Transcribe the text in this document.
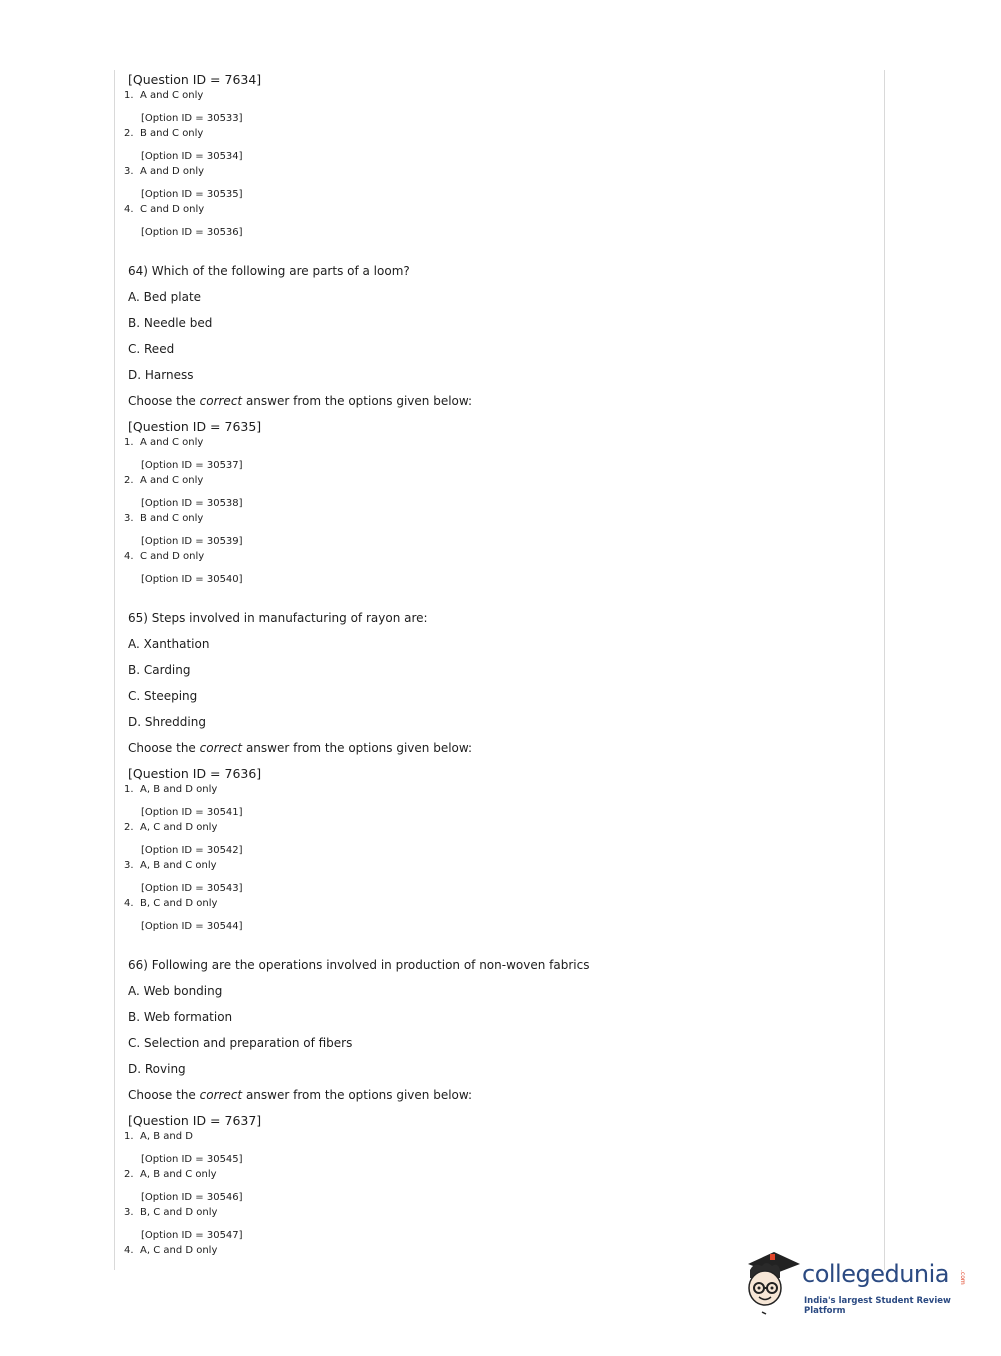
[Question ID = 7634]
1. A and C only
[Option ID = 30533]
2. B and C only
[Option ID = 30534]
3. A and D only
[Option ID = 30535]
4. C and D only
[Option ID = 30536]
64) Which of the following are parts of a loom?
A. Bed plate
B. Needle bed
C. Reed
D. Harness
Choose the correct answer from the options given below:
[Question ID = 7635]
1. A and C only
[Option ID = 30537]
2. A and C only
[Option ID = 30538]
3. B and C only
[Option ID = 30539]
4. C and D only
[Option ID = 30540]
65) Steps involved in manufacturing of rayon are:
A. Xanthation
B. Carding
C. Steeping
D. Shredding
Choose the correct answer from the options given below:
[Question ID = 7636]
1. A, B and D only
[Option ID = 30541]
2. A, C and D only
[Option ID = 30542]
3. A, B and C only
[Option ID = 30543]
4. B, C and D only
[Option ID = 30544]
66) Following are the operations involved in production of non-woven fabrics
A. Web bonding
B. Web formation
C. Selection and preparation of fibers
D. Roving
Choose the correct answer from the options given below:
[Question ID = 7637]
1. A, B and D
[Option ID = 30545]
2. A, B and C only
[Option ID = 30546]
3. B, C and D only
[Option ID = 30547]
4. A, C and D only
collegedunia .com
India's largest Student Review Platform
